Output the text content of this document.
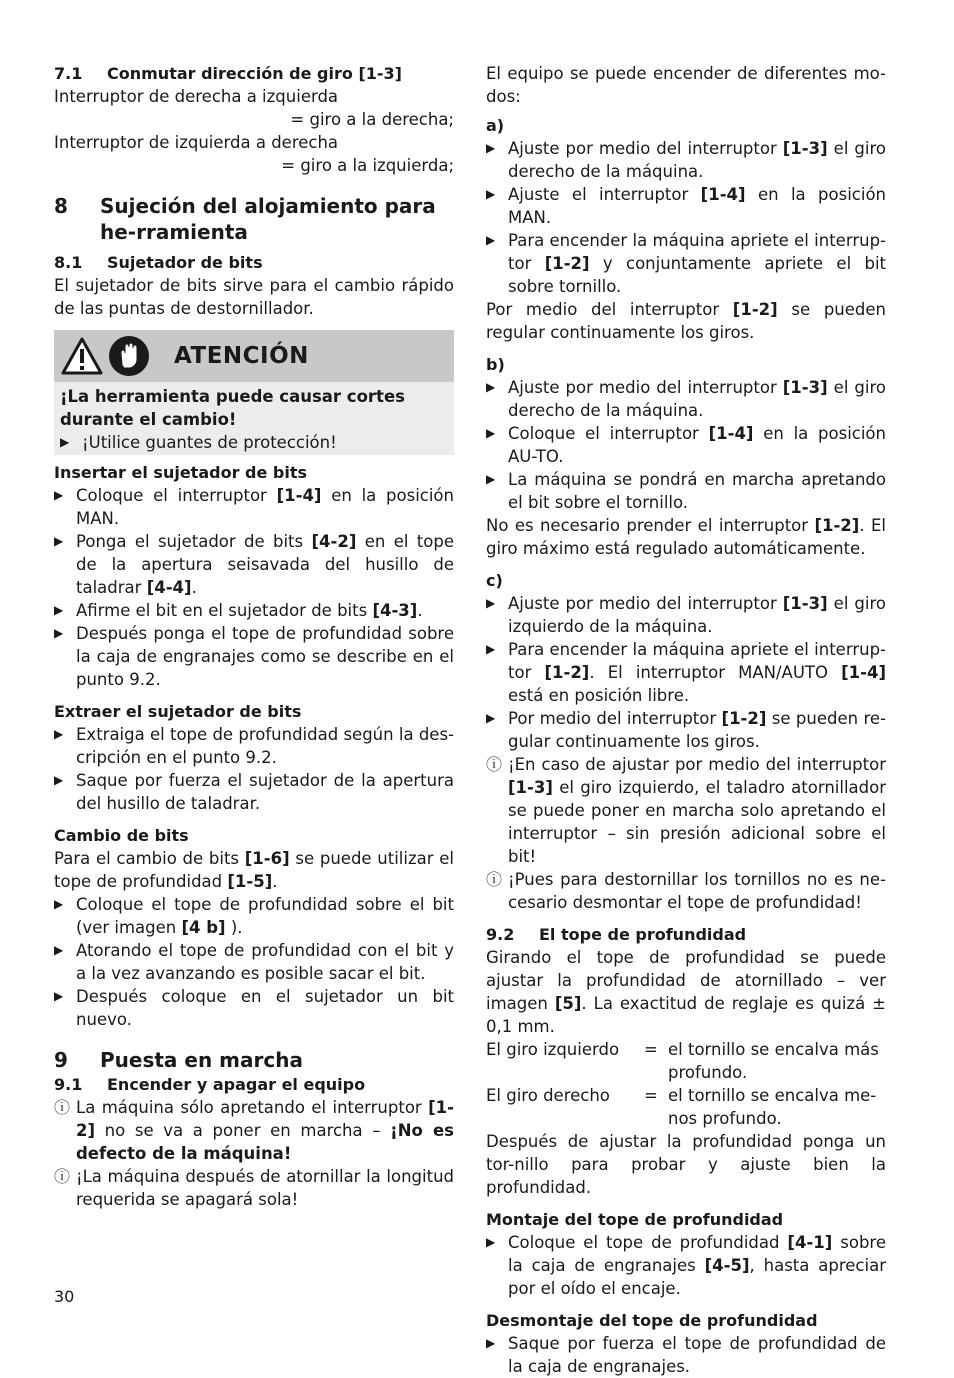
7.1 Conmutar dirección de giro [1-3]

Interruptor de derecha a izquierda

= giro a la derecha;

Interruptor de izquierda a derecha

= giro a la izquierda;

8	Sujeción del alojamiento para he-rramienta

8.1 Sujetador de bits

El sujetador de bits sirve para el cambio rápido de las puntas de destornillador.

ATENCIÓN

¡La herramienta puede causar cortes durante el cambio!

▶ ¡Utilice guantes de protección!

Insertar el sujetador de bits

▶ Coloque el interruptor [1-4] en la posición MAN.
▶ Ponga el sujetador de bits [4-2] en el tope de la apertura seisavada del husillo de taladrar [4-4].
▶ Afirme el bit en el sujetador de bits [4-3].
▶ Después ponga el tope de profundidad sobre la caja de engranajes como se describe en el punto 9.2.

Extraer el sujetador de bits

▶ Extraiga el tope de profundidad según la des-cripción en el punto 9.2.
▶ Saque por fuerza el sujetador de la apertura del husillo de taladrar.

Cambio de bits

Para el cambio de bits [1-6] se puede utilizar el tope de profundidad [1-5].

▶ Coloque el tope de profundidad sobre el bit (ver imagen [4 b] ).
▶ Atorando el tope de profundidad con el bit y a la vez avanzando es posible sacar el bit.
▶ Después coloque en el sujetador un bit nuevo.
9	Puesta en marcha

9.1 Encender y apagar el equipo

ⓘ La máquina sólo apretando el interruptor [1-2] no se va a poner en marcha – ¡No es defecto de la máquina!
ⓘ ¡La máquina después de atornillar la longitud requerida se apagará sola!

El equipo se puede encender de diferentes mo-dos:

a)

▶ Ajuste por medio del interruptor [1-3] el giro derecho de la máquina.
▶ Ajuste el interruptor [1-4] en la posición MAN.
▶ Para encender la máquina apriete el interrup-tor [1-2] y conjuntamente apriete el bit sobre tornillo.

Por medio del interruptor [1-2] se pueden regular continuamente los giros.

b)

▶ Ajuste por medio del interruptor [1-3] el giro derecho de la máquina.
▶ Coloque el interruptor [1-4] en la posición AU-TO.
▶ La máquina se pondrá en marcha apretando el bit sobre el tornillo.

No es necesario prender el interruptor [1-2]. El giro máximo está regulado automáticamente.

c)

▶ Ajuste por medio del interruptor [1-3] el giro izquierdo de la máquina.
▶ Para encender la máquina apriete el interrup-tor [1-2]. El interruptor MAN/AUTO [1-4] está en posición libre.
▶ Por medio del interruptor [1-2] se pueden re-gular continuamente los giros.
ⓘ ¡En caso de ajustar por medio del interruptor [1-3] el giro izquierdo, el taladro atornillador se puede poner en marcha solo apretando el interruptor – sin presión adicional sobre el bit!
ⓘ ¡Pues para destornillar los tornillos no es ne-cesario desmontar el tope de profundidad!

9.2 El tope de profundidad

Girando el tope de profundidad se puede ajustar la profundidad de atornillado – ver imagen [5]. La exactitud de reglaje es quizá ± 0,1 mm.

El giro izquierdo	= el tornillo se encalva más profundo.
El giro derecho	= el tornillo se encalva me-nos profundo.

Después de ajustar la profundidad ponga un tor-nillo para probar y ajuste bien la profundidad.

Montaje del tope de profundidad

▶ Coloque el tope de profundidad [4-1] sobre la caja de engranajes [4-5], hasta apreciar por el oído el encaje.

Desmontaje del tope de profundidad

▶ Saque por fuerza el tope de profundidad de la caja de engranajes.
30
